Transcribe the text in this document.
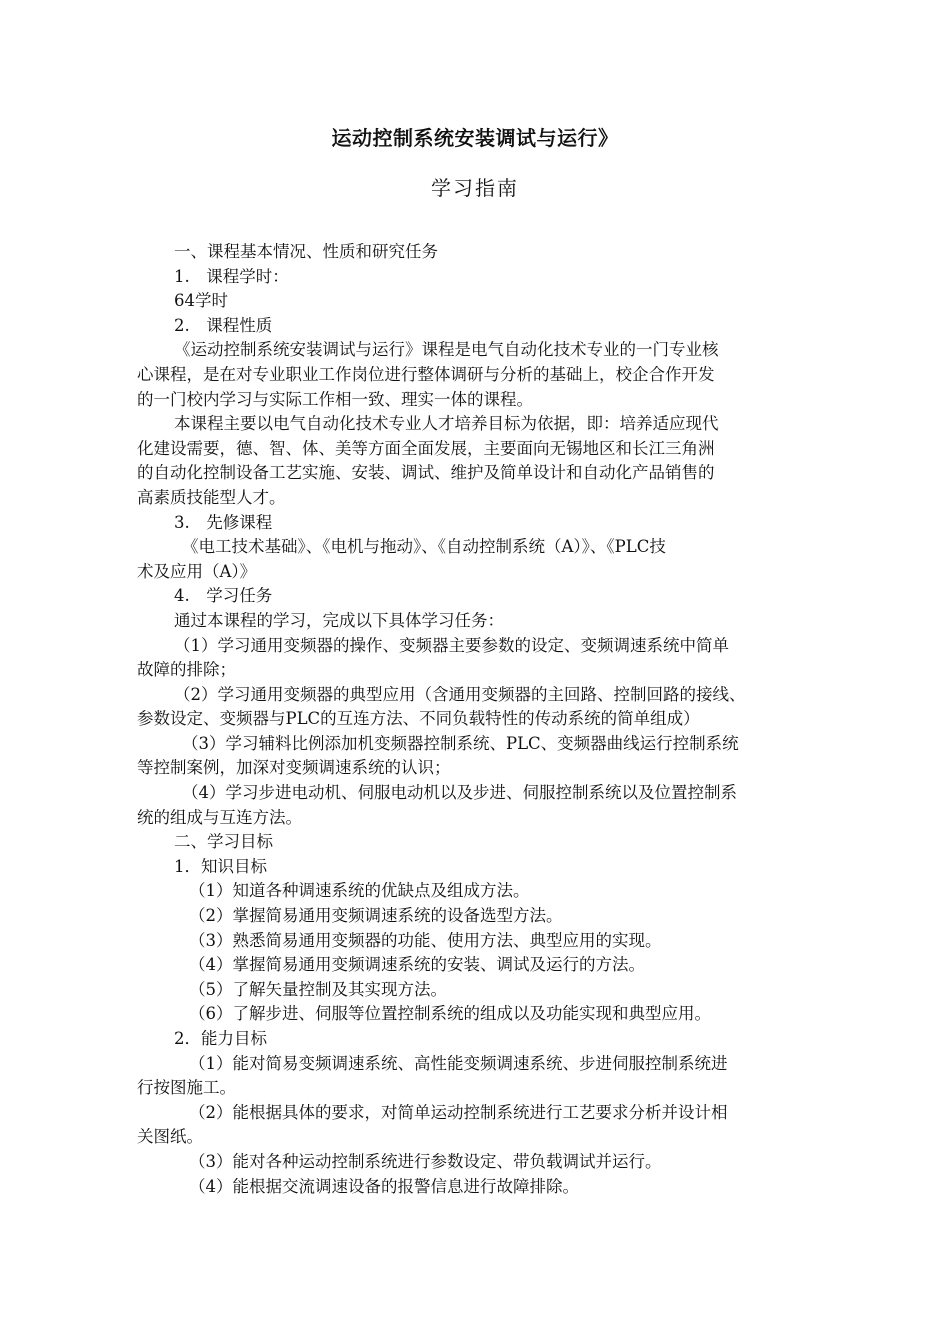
运动控制系统安装调试与运行》
学习指南
一、课程基本情况、性质和研究任务
1.　课程学时：
64学时
2.　课程性质
《运动控制系统安装调试与运行》课程是电气自动化技术专业的一门专业核
心课程，是在对专业职业工作岗位进行整体调研与分析的基础上，校企合作开发
的一门校内学习与实际工作相一致、理实一体的课程。
本课程主要以电气自动化技术专业人才培养目标为依据，即：培养适应现代
化建设需要，德、智、体、美等方面全面发展，主要面向无锡地区和长江三角洲
的自动化控制设备工艺实施、安装、调试、维护及简单设计和自动化产品销售的
高素质技能型人才。
3.　先修课程
《电工技术基础》、《电机与拖动》、《自动控制系统（A）》、《PLC技
术及应用（A）》
4.　学习任务
通过本课程的学习，完成以下具体学习任务：
（1）学习通用变频器的操作、变频器主要参数的设定、变频调速系统中简单
故障的排除；
（2）学习通用变频器的典型应用（含通用变频器的主回路、控制回路的接线、
参数设定、变频器与PLC的互连方法、不同负载特性的传动系统的简单组成）
（3）学习辅料比例添加机变频器控制系统、PLC、变频器曲线运行控制系统
等控制案例，加深对变频调速系统的认识；
（4）学习步进电动机、伺服电动机以及步进、伺服控制系统以及位置控制系
统的组成与互连方法。
二、学习目标
1．知识目标
（1）知道各种调速系统的优缺点及组成方法。
（2）掌握简易通用变频调速系统的设备选型方法。
（3）熟悉简易通用变频器的功能、使用方法、典型应用的实现。
（4）掌握简易通用变频调速系统的安装、调试及运行的方法。
（5）了解矢量控制及其实现方法。
（6）了解步进、伺服等位置控制系统的组成以及功能实现和典型应用。
2．能力目标
（1）能对简易变频调速系统、高性能变频调速系统、步进伺服控制系统进
行按图施工。
（2）能根据具体的要求，对简单运动控制系统进行工艺要求分析并设计相
关图纸。
（3）能对各种运动控制系统进行参数设定、带负载调试并运行。
（4）能根据交流调速设备的报警信息进行故障排除。
